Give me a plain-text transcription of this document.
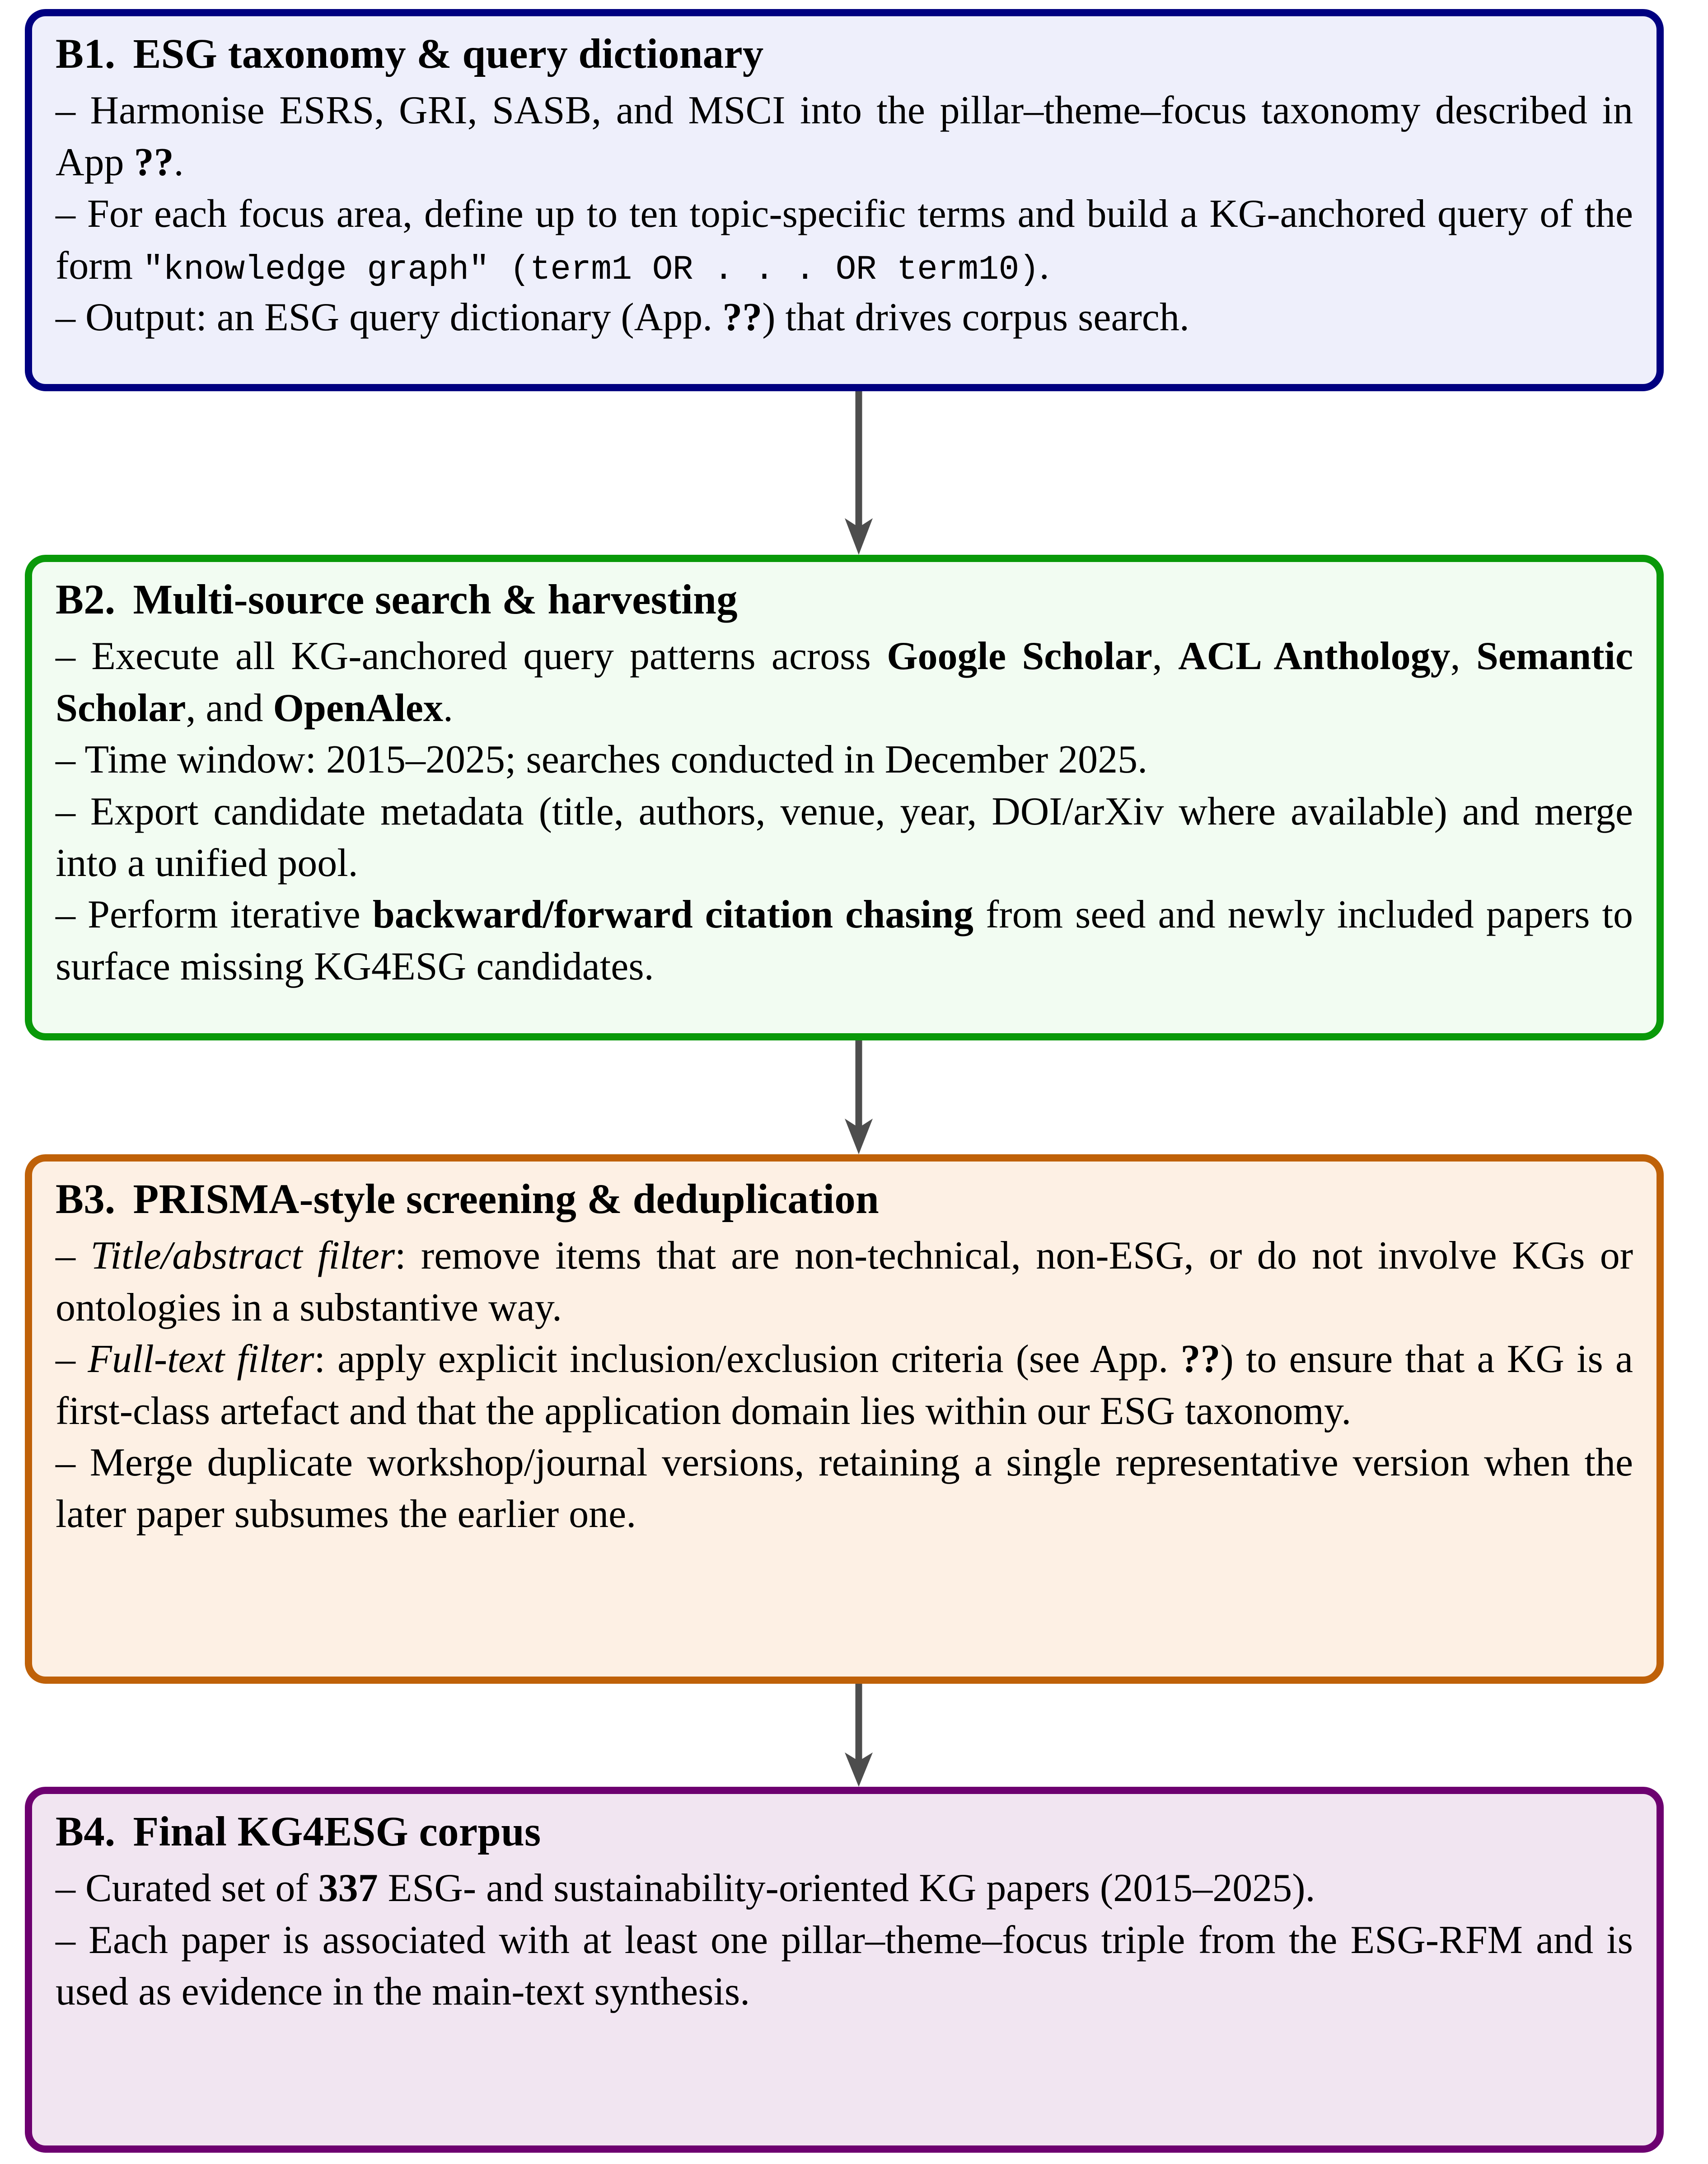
B1. ESG taxonomy & query dictionary

– Harmonise ESRS, GRI, SASB, and MSCI into the pillar–theme–focus taxonomy described in App ??.

– For each focus area, define up to ten topic-specific terms and build a KG-anchored query of the form "knowledge graph" (term1 OR . . . OR term10).

– Output: an ESG query dictionary (App. ??) that drives corpus search.

B2. Multi-source search & harvesting

– Execute all KG-anchored query patterns across Google Scholar, ACL Anthology, Semantic Scholar, and OpenAlex.

– Time window: 2015–2025; searches conducted in December 2025.

– Export candidate metadata (title, authors, venue, year, DOI/arXiv where available) and merge into a unified pool.

– Perform iterative backward/forward citation chasing from seed and newly included papers to surface missing KG4ESG candidates.

B3. PRISMA-style screening & deduplication

– Title/abstract filter: remove items that are non-technical, non-ESG, or do not involve KGs or ontologies in a substantive way.

– Full-text filter: apply explicit inclusion/exclusion criteria (see App. ??) to ensure that a KG is a first-class artefact and that the application domain lies within our ESG taxonomy.

– Merge duplicate workshop/journal versions, retaining a single representative version when the later paper subsumes the earlier one.

B4. Final KG4ESG corpus

– Curated set of 337 ESG- and sustainability-oriented KG papers (2015–2025).

– Each paper is associated with at least one pillar–theme–focus triple from the ESG-RFM and is used as evidence in the main-text synthesis.
